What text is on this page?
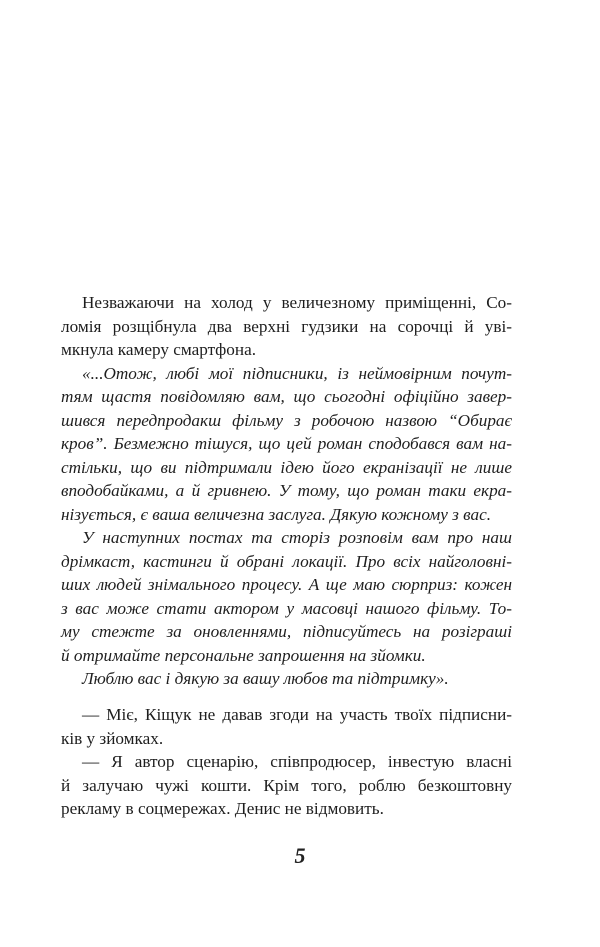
Незважаючи на холод у величезному приміщенні, Со-
ломія розщібнула два верхні гудзики на сорочці й уві-
мкнула камеру смартфона.
«...Отож, любі мої підписники, із неймовірним почут-
тям щастя повідомляю вам, що сьогодні офіційно завер-
шився передпродакш фільму з робочою назвою “Обирає
кров”. Безмежно тішуся, що цей роман сподобався вам на-
стільки, що ви підтримали ідею його екранізації не лише
вподобайками, а й гривнею. У тому, що роман таки екра-
нізується, є ваша величезна заслуга. Дякую кожному з вас.
У наступних постах та сторіз розповім вам про наш
дрімкаст, кастинги й обрані локації. Про всіх найголовні-
ших людей знімального процесу. А ще маю сюрприз: кожен
з вас може стати актором у масовці нашого фільму. То-
му стежте за оновленнями, підписуйтесь на розіграші
й отримайте персональне запрошення на зйомки.
Люблю вас і дякую за вашу любов та підтримку».
— Міє, Кіщук не давав згоди на участь твоїх підписни-
ків у зйомках.
— Я автор сценарію, співпродюсер, інвестую власні
й залучаю чужі кошти. Крім того, роблю безкоштовну
рекламу в соцмережах. Денис не відмовить.
5
